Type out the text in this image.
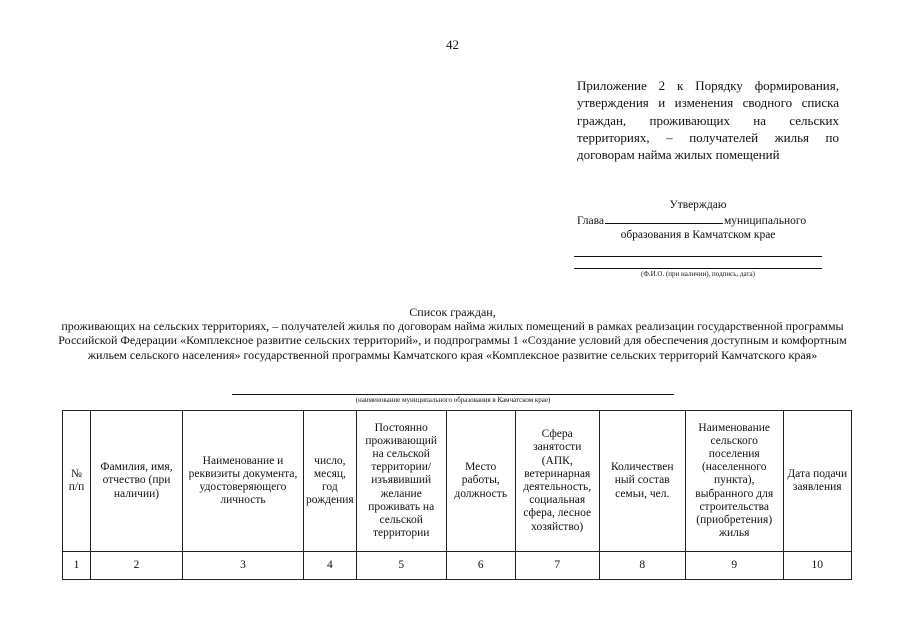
42
Приложение 2 к Порядку формирования, утверждения и изменения сводного списка граждан, проживающих на сельских территориях, – получателей жилья по договорам найма жилых помещений
Утверждаю
Глава	муниципального
образования в Камчатском крае
(Ф.И.О. (при наличии), подпись, дата)
Список граждан,
проживающих на сельских территориях, – получателей жилья по договорам найма жилых помещений в рамках реализации государственной программы Российской Федерации «Комплексное развитие сельских территорий», и подпрограммы 1 «Создание условий для обеспечения доступным и комфортным жильем сельского населения» государственной программы Камчатского края «Комплексное развитие сельских территорий Камчатского края»
(наименование муниципального образования в Камчатском крае)
№ п/п	Фамилия, имя, отчество (при наличии)	Наименование и реквизиты документа, удостоверяющего личность	число, месяц, год рождения	Постоянно проживающий на сельской территории/ изъявивший желание проживать на сельской территории	Место работы, должность	Сфера занятости (АПК, ветеринарная деятельность, социальная сфера, лесное хозяйство)	Количествен ный состав семьи, чел.	Наименование сельского поселения (населенного пункта), выбранного для строительства (приобретения) жилья	Дата подачи заявления
1	2	3	4	5	6	7	8	9	10
